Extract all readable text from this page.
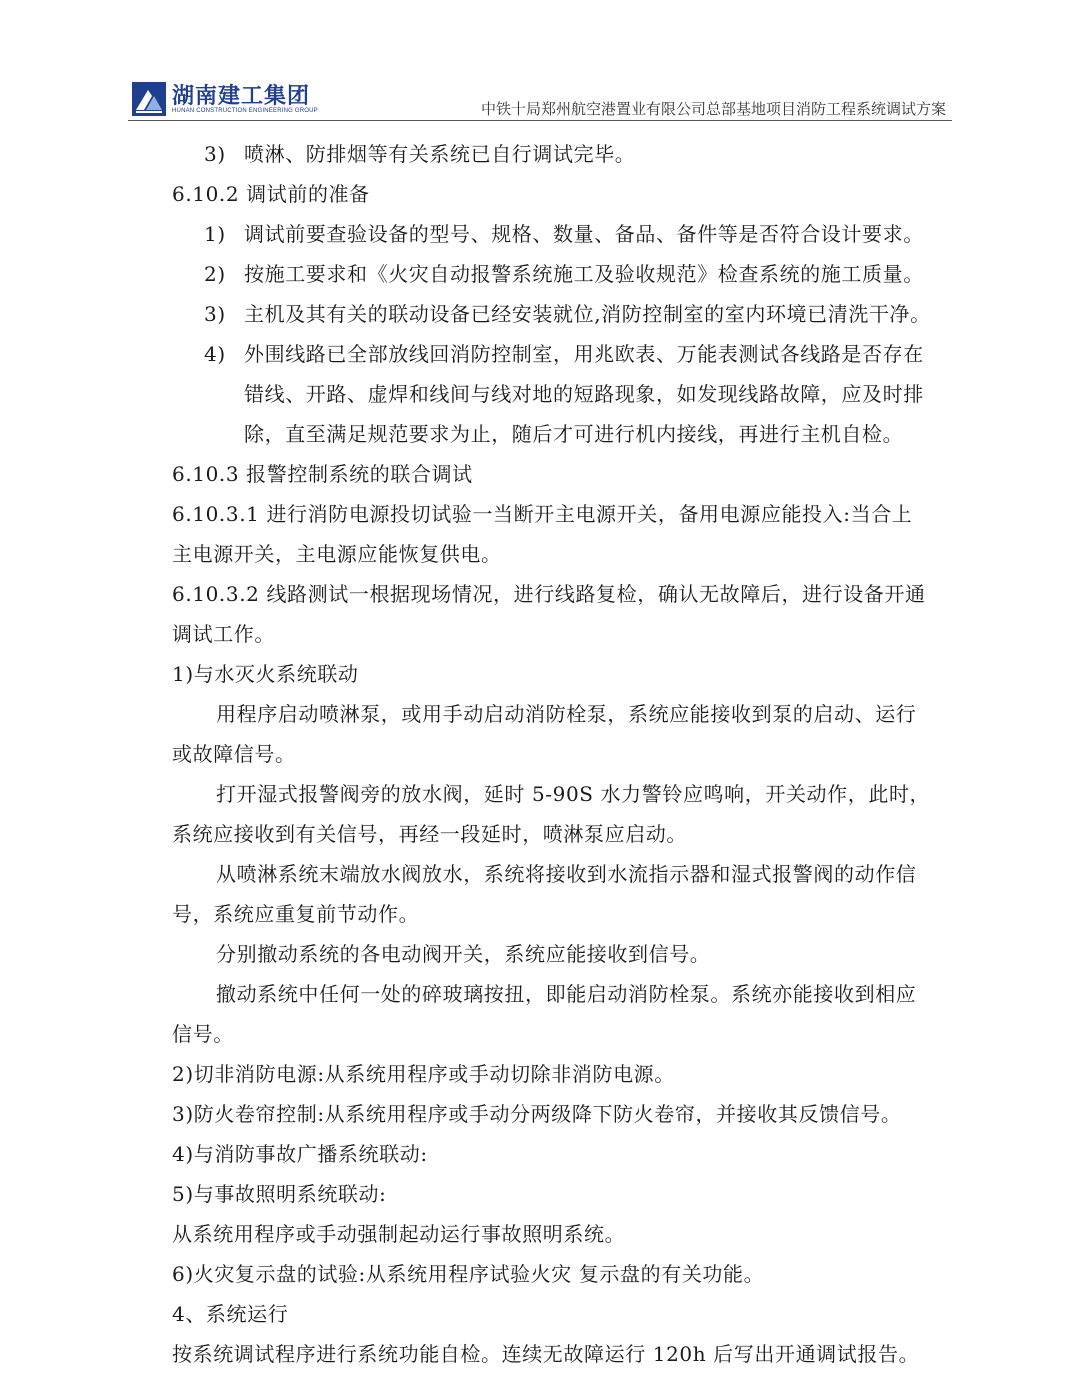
湖南建工集团
HUNAN CONSTRUCTION ENGINEERING GROUP	中铁十局郑州航空港置业有限公司总部基地项目消防工程系统调试方案
3) 喷淋、防排烟等有关系统已自行调试完毕。
6.10.2 调试前的准备
1) 调试前要查验设备的型号、规格、数量、备品、备件等是否符合设计要求。
2) 按施工要求和《火灾自动报警系统施工及验收规范》检查系统的施工质量。
3) 主机及其有关的联动设备已经安装就位,消防控制室的室内环境已清洗干净。
4) 外围线路已全部放线回消防控制室，用兆欧表、万能表测试各线路是否存在
错线、开路、虚焊和线间与线对地的短路现象，如发现线路故障，应及时排
除，直至满足规范要求为止，随后才可进行机内接线，再进行主机自检。
6.10.3 报警控制系统的联合调试
6.10.3.1 进行消防电源投切试验一当断开主电源开关，备用电源应能投入:当合上
主电源开关，主电源应能恢复供电。
6.10.3.2 线路测试一根据现场情况，进行线路复检，确认无故障后，进行设备开通
调试工作。
1)与水灭火系统联动
用程序启动喷淋泵，或用手动启动消防栓泵，系统应能接收到泵的启动、运行
或故障信号。
打开湿式报警阀旁的放水阀，延时 5-90S 水力警铃应鸣响，开关动作，此时，
系统应接收到有关信号，再经一段延时，喷淋泵应启动。
从喷淋系统末端放水阀放水，系统将接收到水流指示器和湿式报警阀的动作信
号，系统应重复前节动作。
分别撤动系统的各电动阀开关，系统应能接收到信号。
撤动系统中任何一处的碎玻璃按扭，即能启动消防栓泵。系统亦能接收到相应
信号。
2)切非消防电源:从系统用程序或手动切除非消防电源。
3)防火卷帘控制:从系统用程序或手动分两级降下防火卷帘，并接收其反馈信号。
4)与消防事故广播系统联动:
5)与事故照明系统联动:
从系统用程序或手动强制起动运行事故照明系统。
6)火灾复示盘的试验:从系统用程序试验火灾 复示盘的有关功能。
4、系统运行
按系统调试程序进行系统功能自检。连续无故障运行 120h 后写出开通调试报告。
